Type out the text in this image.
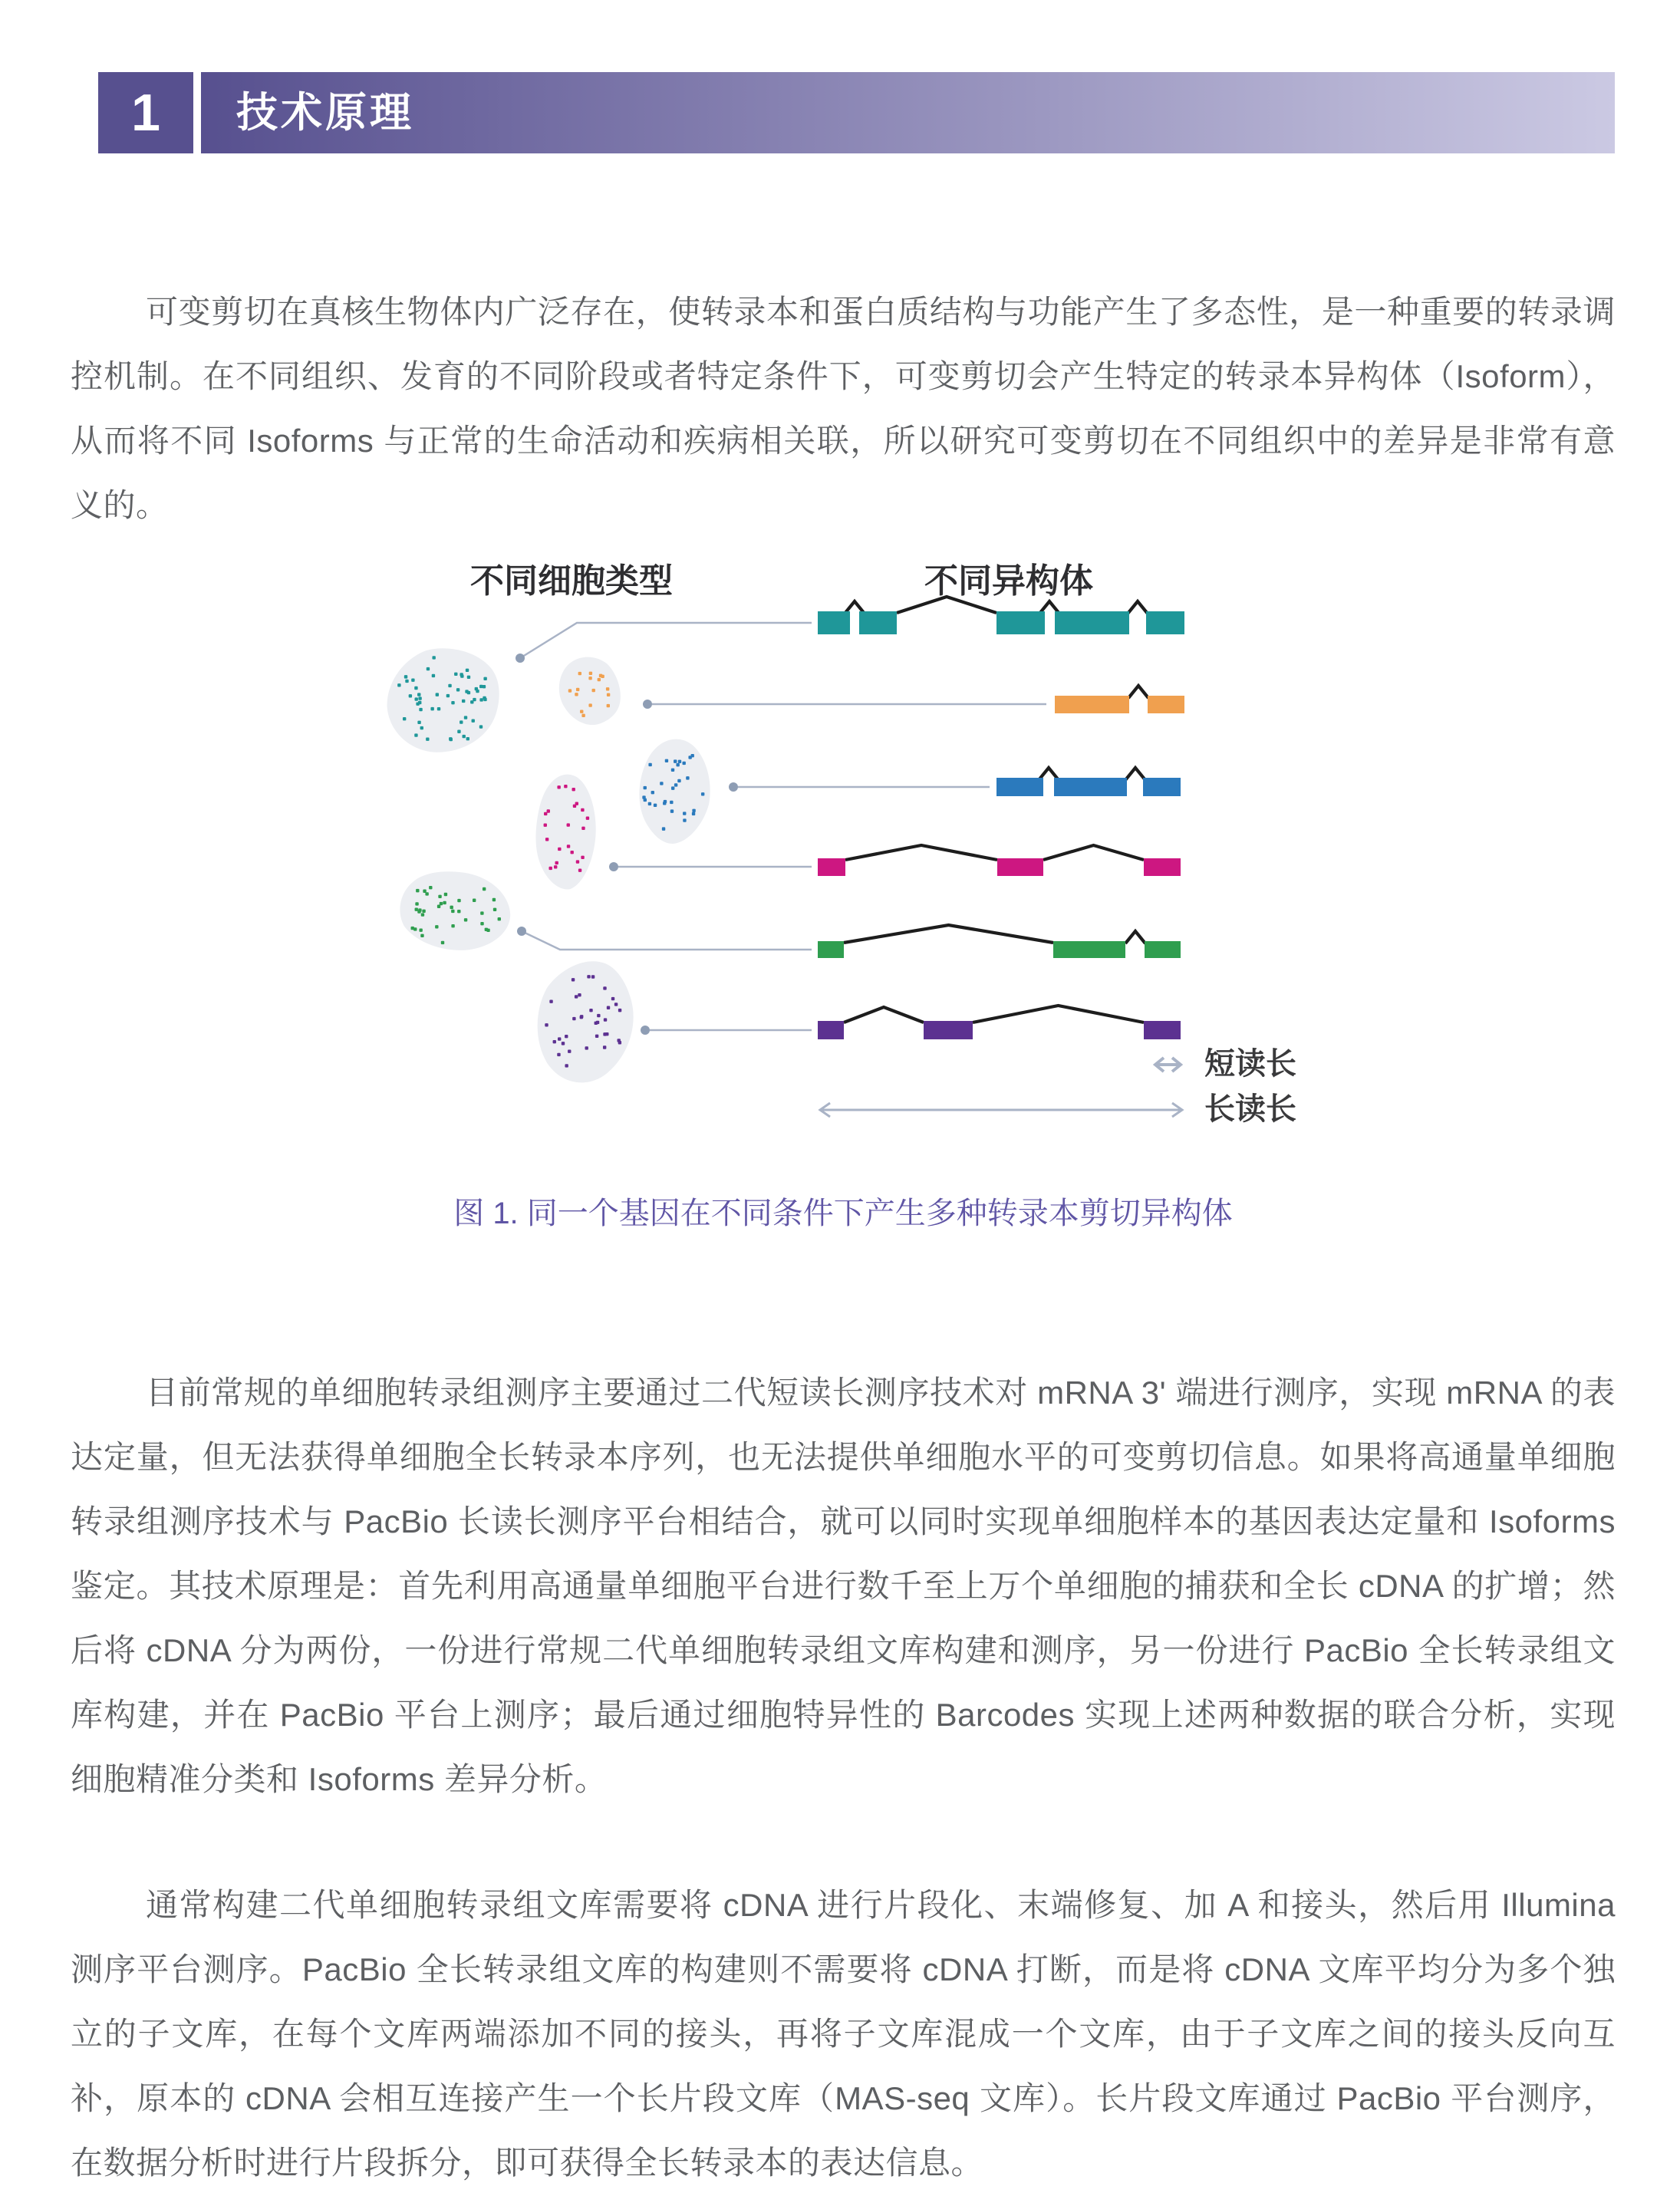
1	技术原理

可变剪切在真核生物体内广泛存在，使转录本和蛋白质结构与功能产生了多态性，是一种重要的转录调控机制。在不同组织、发育的不同阶段或者特定条件下，可变剪切会产生特定的转录本异构体（Isoform），从而将不同 Isoforms 与正常的生命活动和疾病相关联，所以研究可变剪切在不同组织中的差异是非常有意义的。

目前常规的单细胞转录组测序主要通过二代短读长测序技术对 mRNA 3' 端进行测序，实现 mRNA 的表达定量，但无法获得单细胞全长转录本序列，也无法提供单细胞水平的可变剪切信息。如果将高通量单细胞转录组测序技术与 PacBio 长读长测序平台相结合，就可以同时实现单细胞样本的基因表达定量和 Isoforms 鉴定。其技术原理是：首先利用高通量单细胞平台进行数千至上万个单细胞的捕获和全长 cDNA 的扩增；然后将 cDNA 分为两份，一份进行常规二代单细胞转录组文库构建和测序，另一份进行 PacBio 全长转录组文库构建，并在 PacBio 平台上测序；最后通过细胞特异性的 Barcodes 实现上述两种数据的联合分析，实现细胞精准分类和 Isoforms 差异分析。

通常构建二代单细胞转录组文库需要将 cDNA 进行片段化、末端修复、加 A 和接头，然后用 Illumina 测序平台测序。PacBio 全长转录组文库的构建则不需要将 cDNA 打断，而是将 cDNA 文库平均分为多个独立的子文库，在每个文库两端添加不同的接头，再将子文库混成一个文库，由于子文库之间的接头反向互补，原本的 cDNA 会相互连接产生一个长片段文库（MAS-seq 文库）。长片段文库通过 PacBio 平台测序，在数据分析时进行片段拆分，即可获得全长转录本的表达信息。

不同细胞类型	不同异构体
短读长
长读长
图 1. 同一个基因在不同条件下产生多种转录本剪切异构体
